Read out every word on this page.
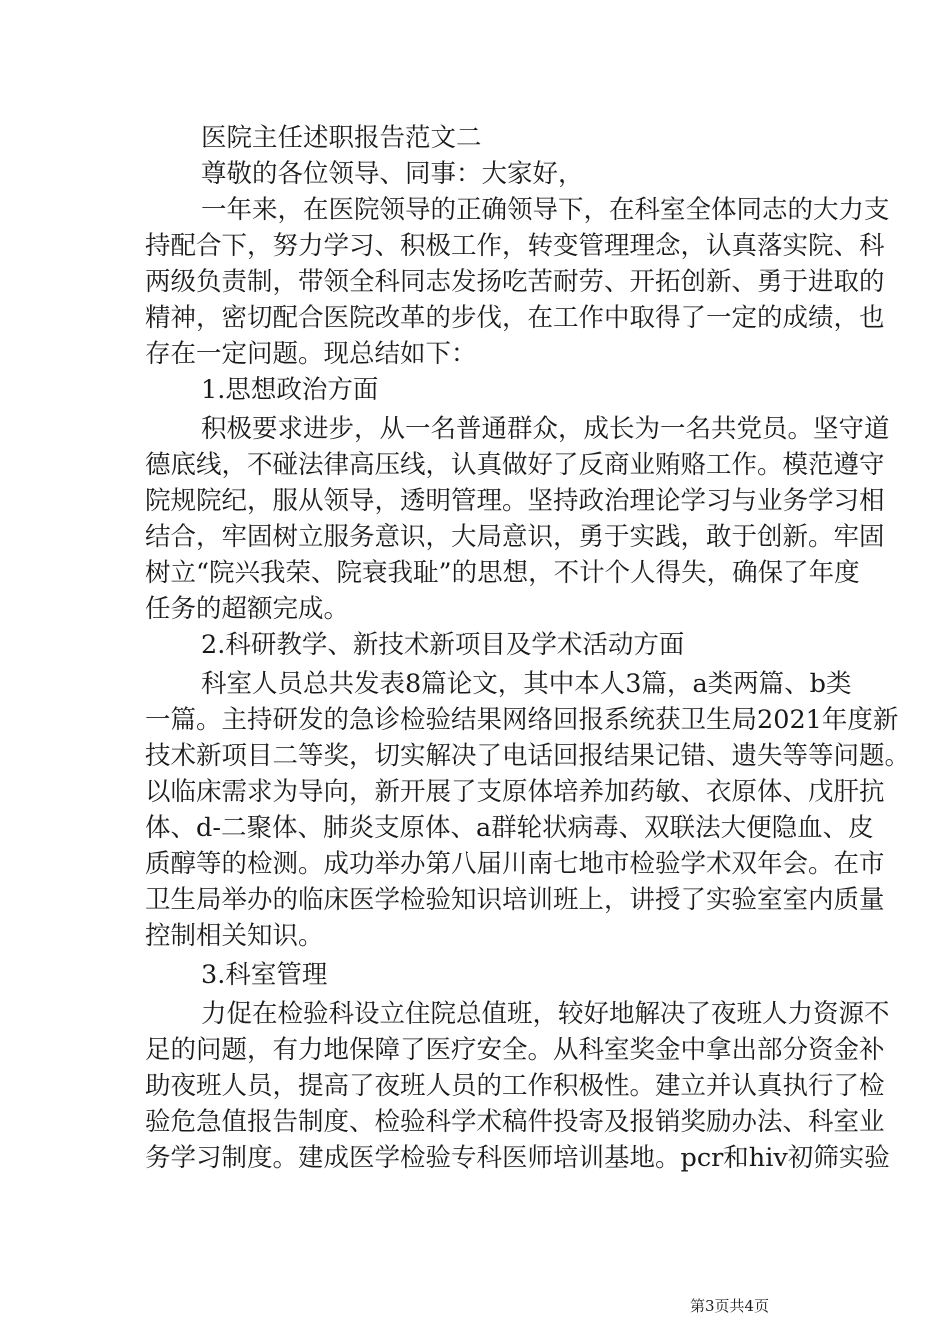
医院主任述职报告范文二
尊敬的各位领导、同事：大家好，
一年来，在医院领导的正确领导下，在科室全体同志的大力支
持配合下，努力学习、积极工作，转变管理理念，认真落实院、科
两级负责制，带领全科同志发扬吃苦耐劳、开拓创新、勇于进取的
精神，密切配合医院改革的步伐，在工作中取得了一定的成绩，也
存在一定问题。现总结如下：
1.思想政治方面
积极要求进步，从一名普通群众，成长为一名共党员。坚守道
德底线，不碰法律高压线，认真做好了反商业贿赂工作。模范遵守
院规院纪，服从领导，透明管理。坚持政治理论学习与业务学习相
结合，牢固树立服务意识，大局意识，勇于实践，敢于创新。牢固
树立“院兴我荣、院衰我耻”的思想，不计个人得失，确保了年度
任务的超额完成。
2.科研教学、新技术新项目及学术活动方面
科室人员总共发表8篇论文，其中本人3篇，a类两篇、b类
一篇。主持研发的急诊检验结果网络回报系统获卫生局2021年度新
技术新项目二等奖，切实解决了电话回报结果记错、遗失等等问题。
以临床需求为导向，新开展了支原体培养加药敏、衣原体、戊肝抗
体、d-二聚体、肺炎支原体、a群轮状病毒、双联法大便隐血、皮
质醇等的检测。成功举办第八届川南七地市检验学术双年会。在市
卫生局举办的临床医学检验知识培训班上，讲授了实验室室内质量
控制相关知识。
3.科室管理
力促在检验科设立住院总值班，较好地解决了夜班人力资源不
足的问题，有力地保障了医疗安全。从科室奖金中拿出部分资金补
助夜班人员，提高了夜班人员的工作积极性。建立并认真执行了检
验危急值报告制度、检验科学术稿件投寄及报销奖励办法、科室业
务学习制度。建成医学检验专科医师培训基地。pcr和hiv初筛实验
第3页共4页
